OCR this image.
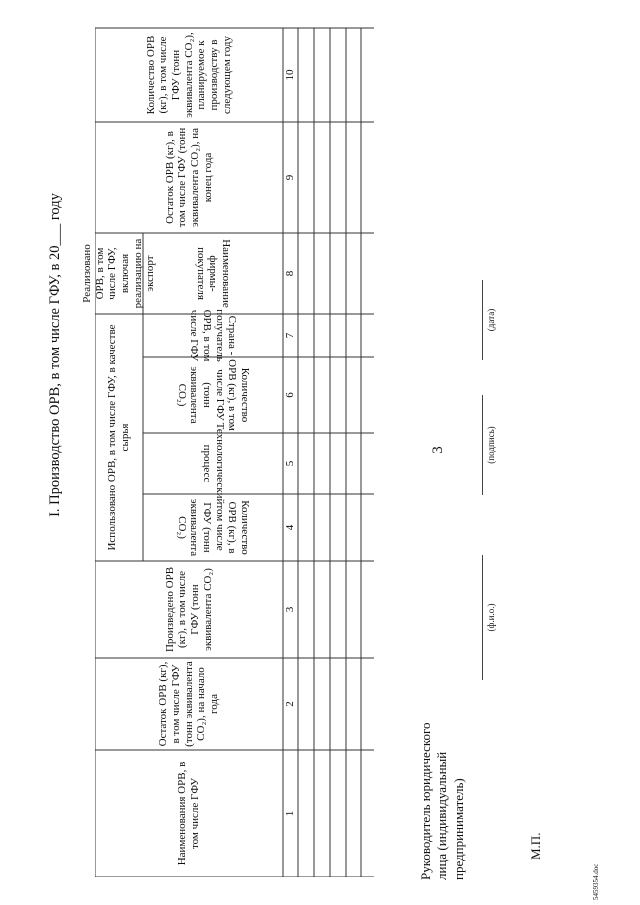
3
I. Производство ОРВ, в том числе ГФУ, в 20___ году
Наименования ОРВ, в том числе ГФУ
Остаток ОРВ (кг), в том числе ГФУ (тонн эквивалента CO₂), на начало года
Произведено ОРВ (кг), в том числе ГФУ (тонн эквивалента CO₂)
Использовано ОРВ, в том числе ГФУ, в качестве сырья
Количество ОРВ (кг), в том числе ГФУ (тонн эквивалента CO₂)
Технологический процесс
Реализовано ОРВ, в том числе ГФУ, включая реализацию на экспорт
Количество ОРВ (кг), в том числе ГФУ (тонн эквивалента CO₂)
Страна - получатель ОРВ, в том числе ГФУ
Наименование фирмы-покупателя
Остаток ОРВ (кг), в том числе ГФУ (тонн эквивалента CO₂), на конец года
Количество ОРВ (кг), в том числе ГФУ (тонн эквивалента CO₂), планируемое к производству в следующем году
1
2
3
4
5
6
7
8
9
10
Руководитель юридического лица (индивидуальный предприниматель)
(ф.и.о.)
(подпись)
(дата)
М.П.
5459354.doc
